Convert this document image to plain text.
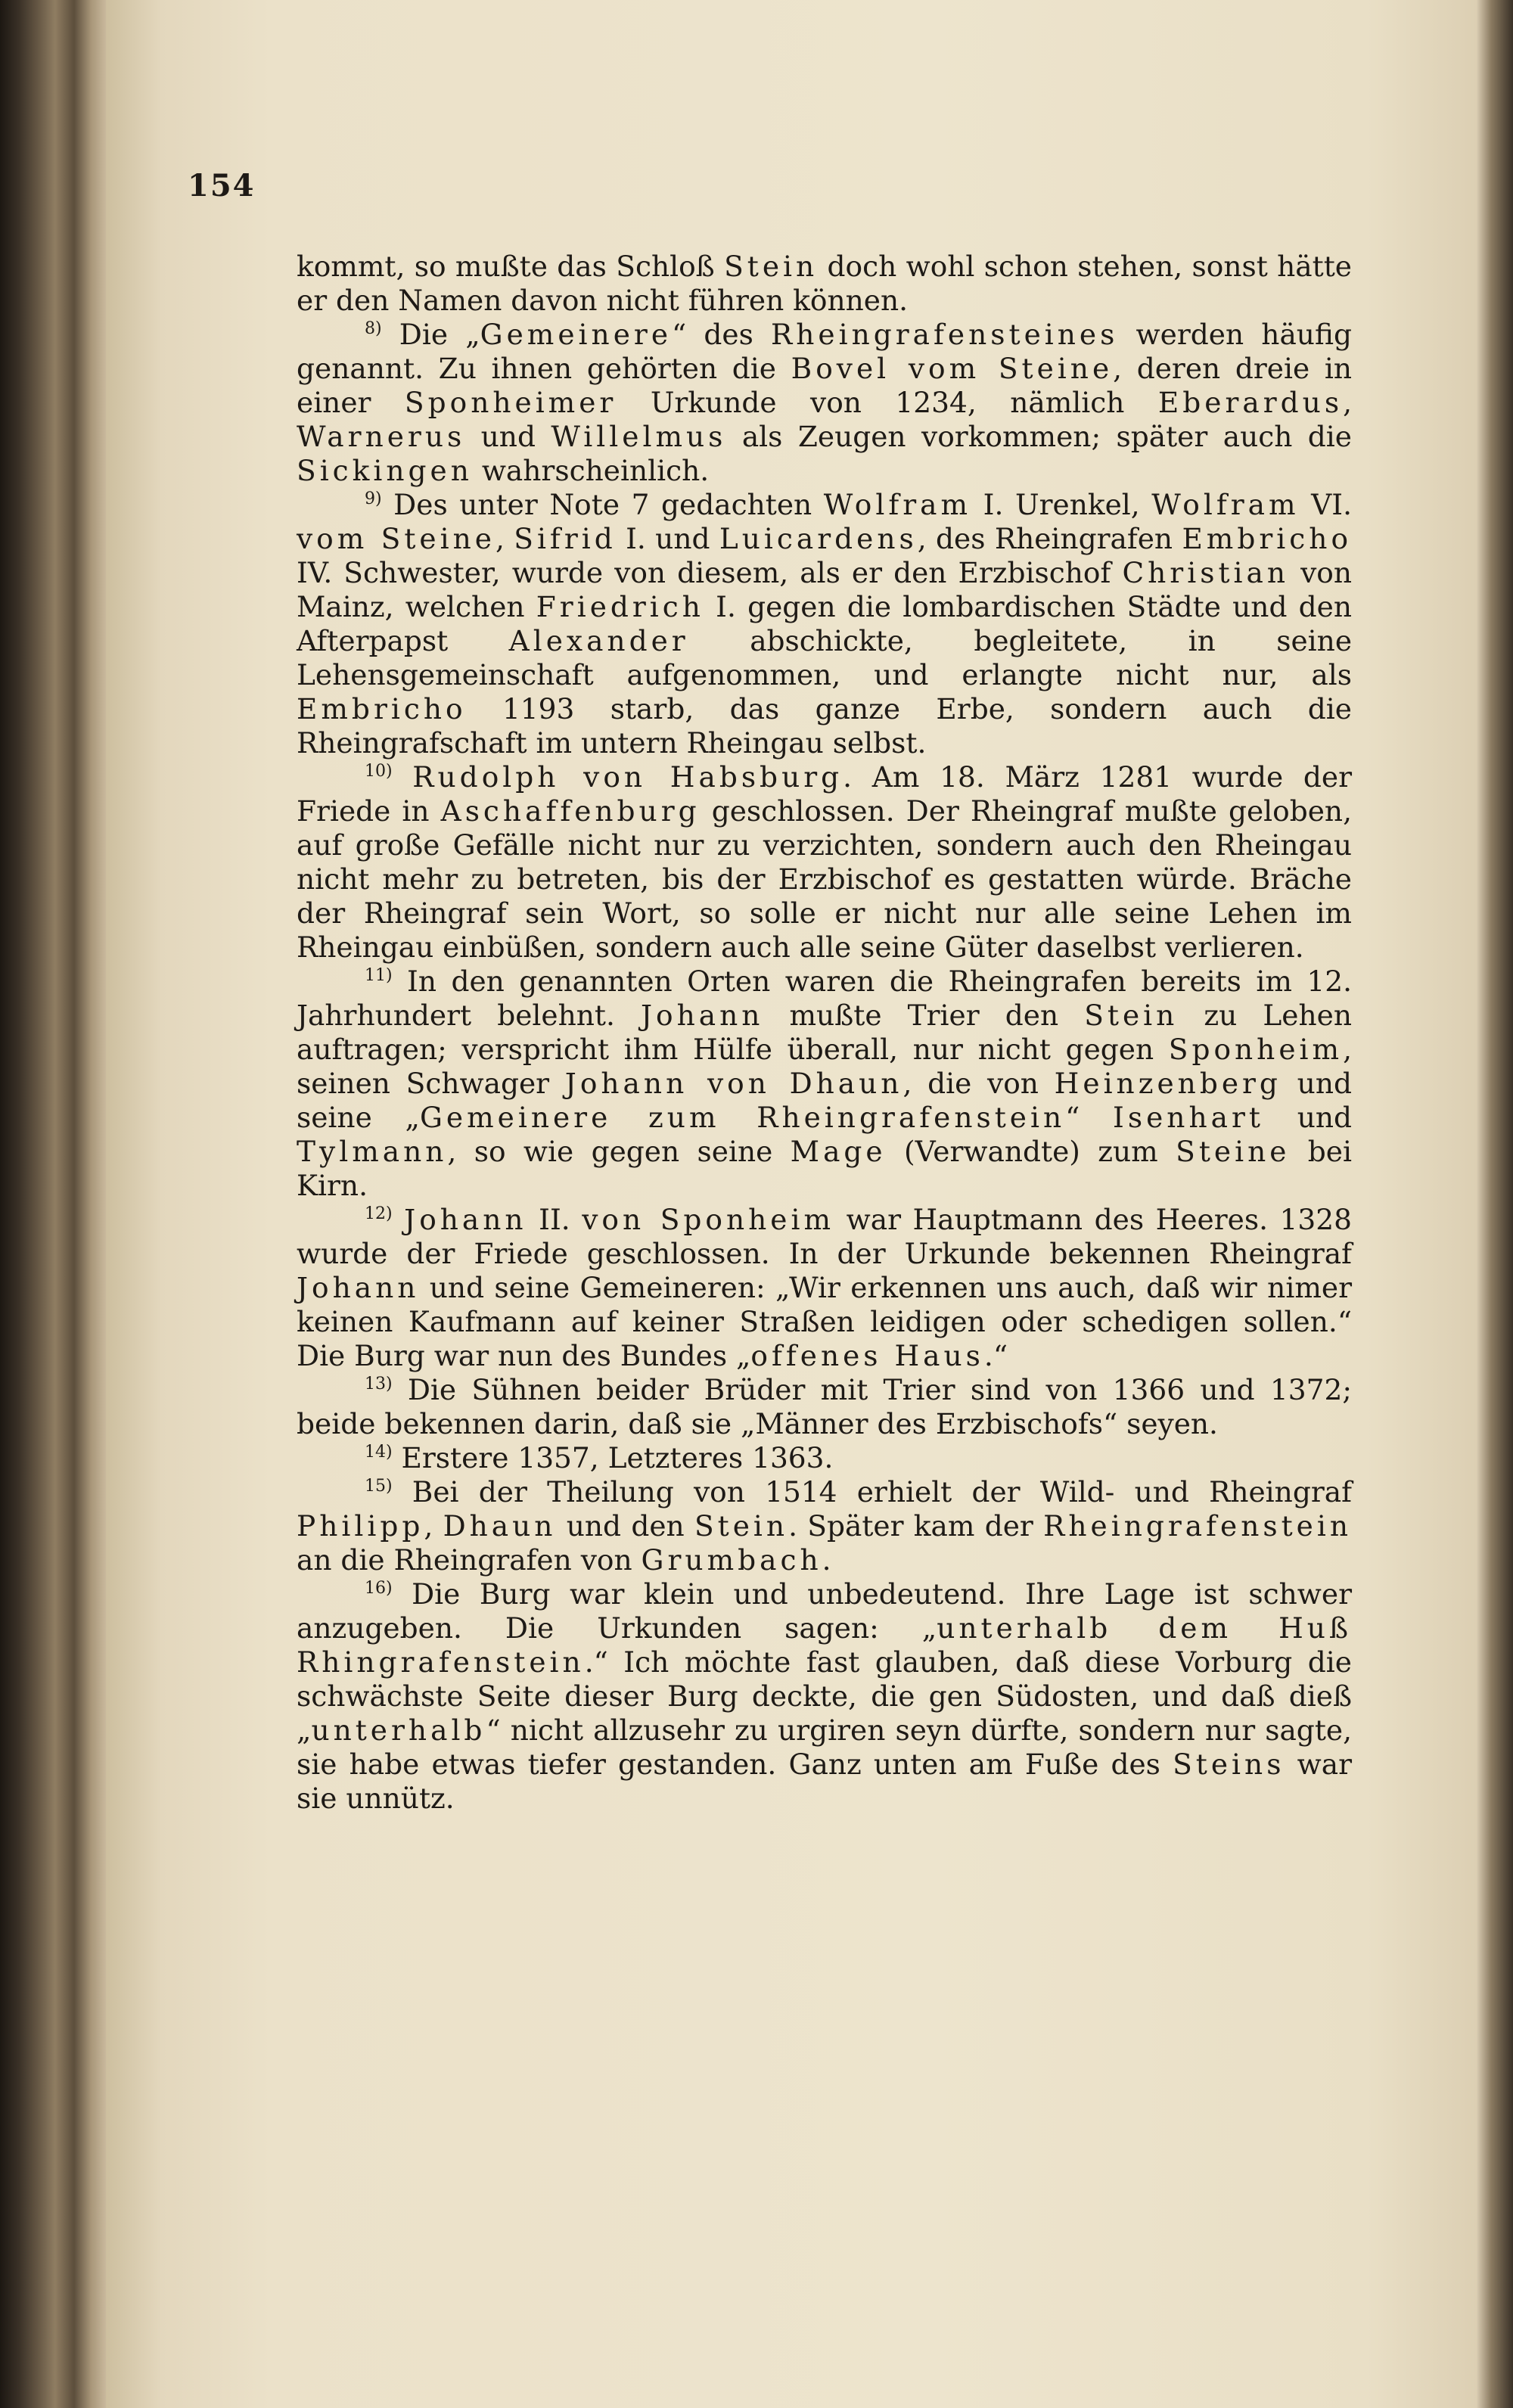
154

kommt, so mußte das Schloß Stein doch wohl schon stehen, sonst hätte er den Namen davon nicht führen können.

$^{8)}$ Die „Gemeinere“ des Rheingrafensteines werden häufig genannt. Zu ihnen gehörten die Bovel vom Steine, deren dreie in einer Sponheimer Urkunde von 1234, nämlich Eberardus, Warnerus und Willelmus als Zeugen vorkommen; später auch die Sickingen wahrscheinlich.

$^{9)}$ Des unter Note 7 gedachten Wolfram I. Urenkel, Wolfram VI. vom Steine, Sifrid I. und Luicardens, des Rheingrafen Embricho IV. Schwester, wurde von diesem, als er den Erzbischof Christian von Mainz, welchen Friedrich I. gegen die lombardischen Städte und den Afterpapst Alexander abschickte, begleitete, in seine Lehensgemeinschaft aufgenommen, und erlangte nicht nur, als Embricho 1193 starb, das ganze Erbe, sondern auch die Rheingrafschaft im untern Rheingau selbst.

$^{10)}$ Rudolph von Habsburg. Am 18. März 1281 wurde der Friede in Aschaffenburg geschlossen. Der Rheingraf mußte geloben, auf große Gefälle nicht nur zu verzichten, sondern auch den Rheingau nicht mehr zu betreten, bis der Erzbischof es gestatten würde. Bräche der Rheingraf sein Wort, so solle er nicht nur alle seine Lehen im Rheingau einbüßen, sondern auch alle seine Güter daselbst verlieren.

$^{11)}$ In den genannten Orten waren die Rheingrafen bereits im 12. Jahrhundert belehnt. Johann mußte Trier den Stein zu Lehen auftragen; verspricht ihm Hülfe überall, nur nicht gegen Sponheim, seinen Schwager Johann von Dhaun, die von Heinzenberg und seine „Gemeinere zum Rheingrafenstein“ Isenhart und Tylmann, so wie gegen seine Mage (Verwandte) zum Steine bei Kirn.

$^{12)}$ Johann II. von Sponheim war Hauptmann des Heeres. 1328 wurde der Friede geschlossen. In der Urkunde bekennen Rheingraf Johann und seine Gemeineren: „Wir erkennen uns auch, daß wir nimer keinen Kaufmann auf keiner Straßen leidigen oder schedigen sollen.“ Die Burg war nun des Bundes „offenes Haus.“

$^{13)}$ Die Sühnen beider Brüder mit Trier sind von 1366 und 1372; beide bekennen darin, daß sie „Männer des Erzbischofs“ seyen.

$^{14)}$ Erstere 1357, Letzteres 1363.

$^{15)}$ Bei der Theilung von 1514 erhielt der Wild- und Rheingraf Philipp, Dhaun und den Stein. Später kam der Rheingrafenstein an die Rheingrafen von Grumbach.

$^{16)}$ Die Burg war klein und unbedeutend. Ihre Lage ist schwer anzugeben. Die Urkunden sagen: „unterhalb dem Huß Rhingrafenstein.“ Ich möchte fast glauben, daß diese Vorburg die schwächste Seite dieser Burg deckte, die gen Südosten, und daß dieß „unterhalb“ nicht allzusehr zu urgiren seyn dürfte, sondern nur sagte, sie habe etwas tiefer gestanden. Ganz unten am Fuße des Steins war sie unnütz.
